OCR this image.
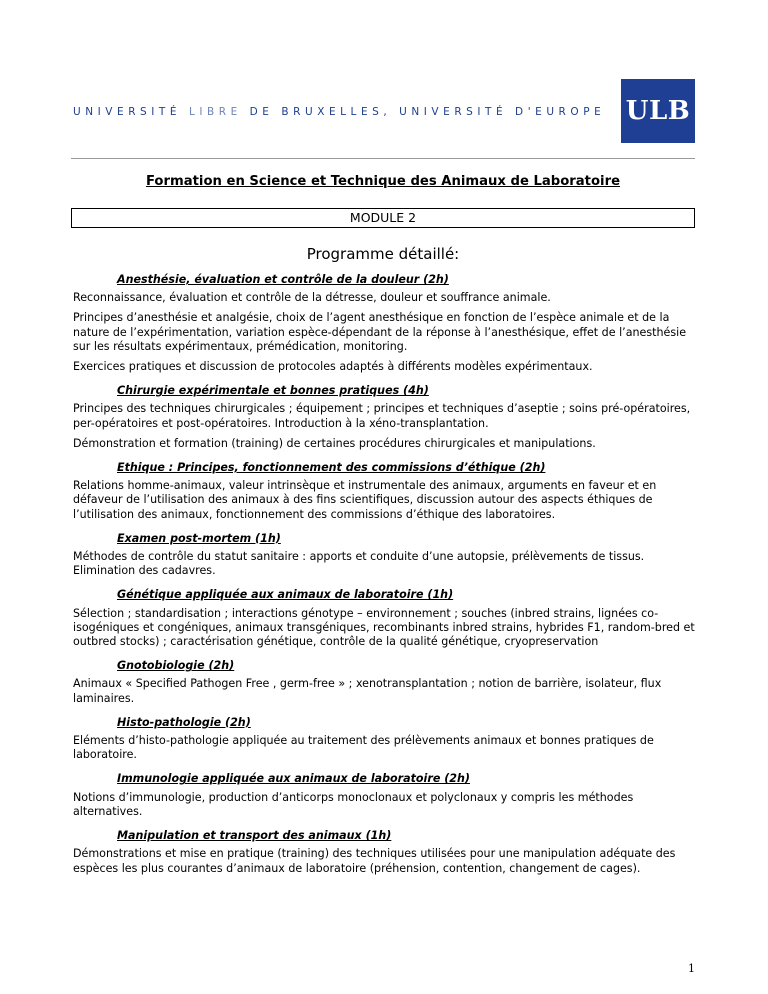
UNIVERSITÉ LIBRE DE BRUXELLES, UNIVERSITÉ D'EUROPE ULB
Formation en Science et Technique des Animaux de Laboratoire
MODULE 2
Programme détaillé:
Anesthésie, évaluation et contrôle de la douleur (2h)
Reconnaissance, évaluation et contrôle de la détresse, douleur et souffrance animale.
Principes d’anesthésie et analgésie, choix de l’agent anesthésique en fonction de l’espèce animale et de la nature de l’expérimentation, variation espèce-dépendant de la réponse à l’anesthésique, effet de l’anesthésie sur les résultats expérimentaux, prémédication, monitoring.
Exercices pratiques et discussion de protocoles adaptés à différents modèles expérimentaux.
Chirurgie expérimentale et bonnes pratiques (4h)
Principes des techniques chirurgicales ; équipement ; principes et techniques d’aseptie ; soins pré-opératoires, per-opératoires et post-opératoires. Introduction à la xéno-transplantation.
Démonstration et formation (training) de certaines procédures chirurgicales et manipulations.
Ethique : Principes, fonctionnement des commissions d’éthique (2h)
Relations homme-animaux, valeur intrinsèque et instrumentale des animaux, arguments en faveur et en défaveur de l’utilisation des animaux à des fins scientifiques, discussion autour des aspects éthiques de l’utilisation des animaux, fonctionnement des commissions d’éthique des laboratoires.
Examen post-mortem (1h)
Méthodes de contrôle du statut sanitaire : apports et conduite d’une autopsie, prélèvements de tissus. Elimination des cadavres.
Génétique appliquée aux animaux de laboratoire (1h)
Sélection ; standardisation ; interactions génotype – environnement ; souches (inbred strains, lignées co-isogéniques et congéniques, animaux transgéniques, recombinants inbred strains, hybrides F1, random-bred et outbred stocks) ; caractérisation génétique, contrôle de la qualité génétique, cryopreservation
Gnotobiologie (2h)
Animaux « Specified Pathogen Free , germ-free » ; xenotransplantation ; notion de barrière, isolateur, flux laminaires.
Histo-pathologie (2h)
Eléments d’histo-pathologie appliquée au traitement des prélèvements animaux et bonnes pratiques de laboratoire.
Immunologie appliquée aux animaux de laboratoire (2h)
Notions d’immunologie, production d’anticorps monoclonaux et polyclonaux y compris les méthodes alternatives.
Manipulation et transport des animaux (1h)
Démonstrations et mise en pratique (training) des techniques utilisées pour une manipulation adéquate des espèces les plus courantes d’animaux de laboratoire (préhension, contention, changement de cages).
1
